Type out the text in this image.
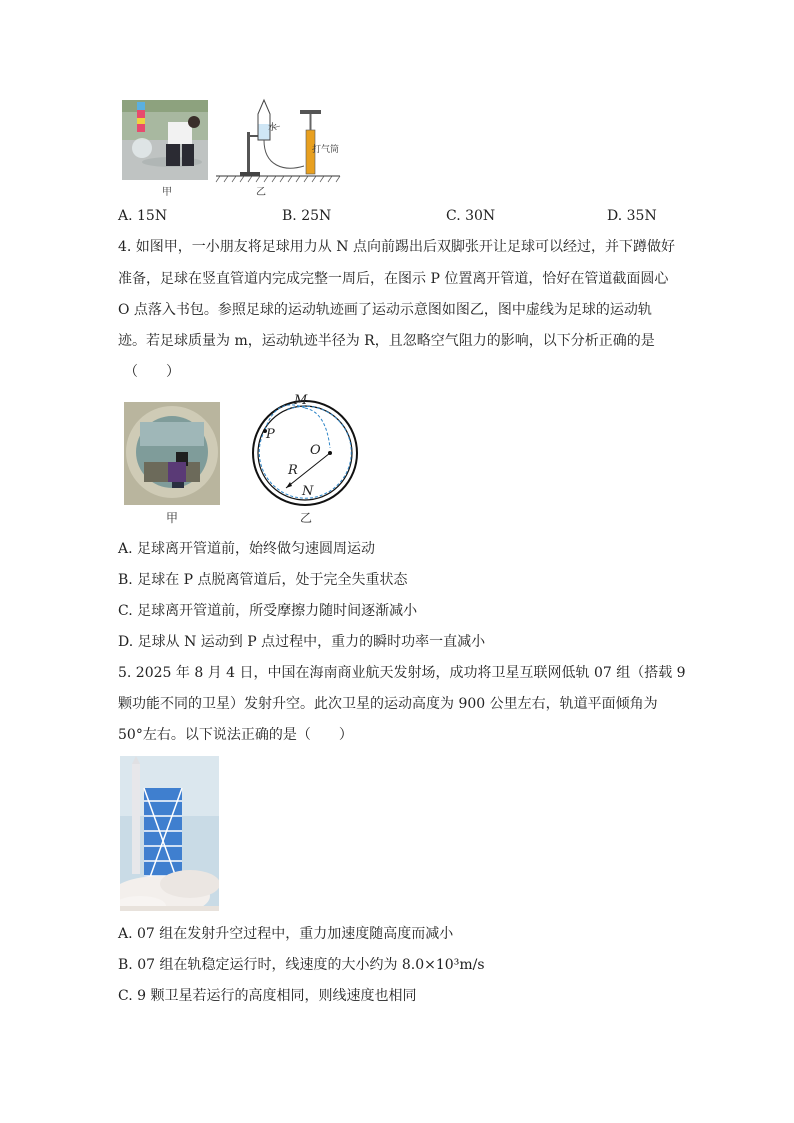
甲
水
打气筒
乙
A. 15N	B. 25N	C. 30N	D. 35N
4. 如图甲，一小朋友将足球用力从 N 点向前踢出后双脚张开让足球可以经过，并下蹲做好
准备，足球在竖直管道内完成完整一周后，在图示 P 位置离开管道，恰好在管道截面圆心
O 点落入书包。参照足球的运动轨迹画了运动示意图如图乙，图中虚线为足球的运动轨
迹。若足球质量为 m，运动轨迹半径为 R，且忽略空气阻力的影响，以下分析正确的是
（　　）
甲
M
P
O
R
N
乙
A. 足球离开管道前，始终做匀速圆周运动
B. 足球在 P 点脱离管道后，处于完全失重状态
C. 足球离开管道前，所受摩擦力随时间逐渐减小
D. 足球从 N 运动到 P 点过程中，重力的瞬时功率一直减小
5. 2025 年 8 月 4 日，中国在海南商业航天发射场，成功将卫星互联网低轨 07 组（搭载 9
颗功能不同的卫星）发射升空。此次卫星的运动高度为 900 公里左右，轨道平面倾角为
50°左右。以下说法正确的是（　　）
A. 07 组在发射升空过程中，重力加速度随高度而减小
B. 07 组在轨稳定运行时，线速度的大小约为 8.0×10³m/s
C. 9 颗卫星若运行的高度相同，则线速度也相同
